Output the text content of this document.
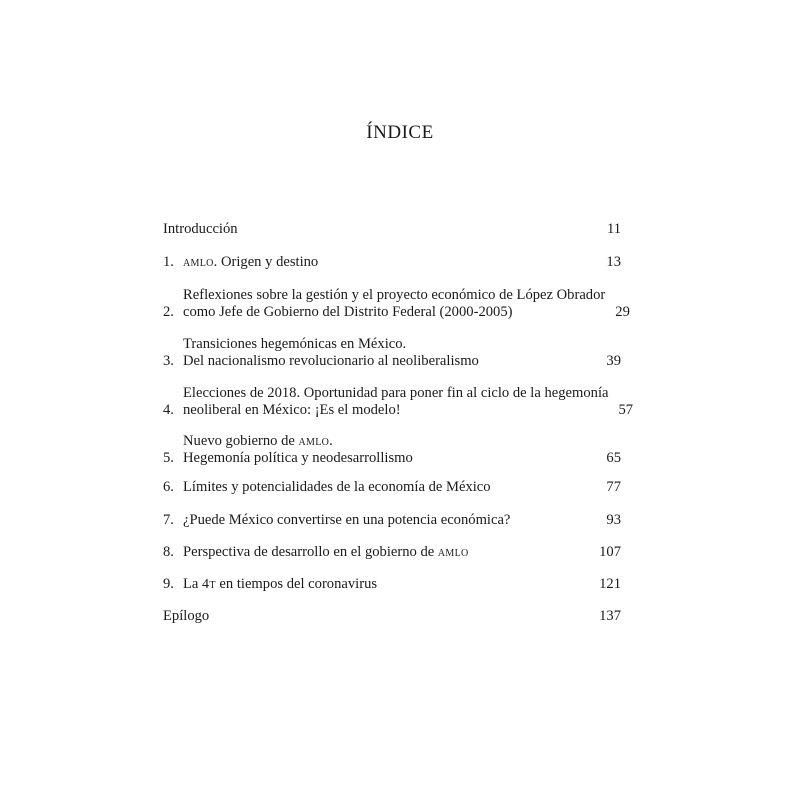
ÍNDICE
Introducción	11
1. amlo. Origen y destino	13
2.
Reflexiones sobre la gestión y el proyecto económico de López Obrador
como Jefe de Gobierno del Distrito Federal (2000-2005)	29
3.
Transiciones hegemónicas en México.
Del nacionalismo revolucionario al neoliberalismo	39
4.
Elecciones de 2018. Oportunidad para poner fin al ciclo de la hegemonía
neoliberal en México: ¡Es el modelo!	57
5.
Nuevo gobierno de amlo.
Hegemonía política y neodesarrollismo	65
6. Límites y potencialidades de la economía de México	77
7. ¿Puede México convertirse en una potencia económica?	93
8. Perspectiva de desarrollo en el gobierno de amlo	107
9. La 4t en tiempos del coronavirus	121
Epílogo	137
